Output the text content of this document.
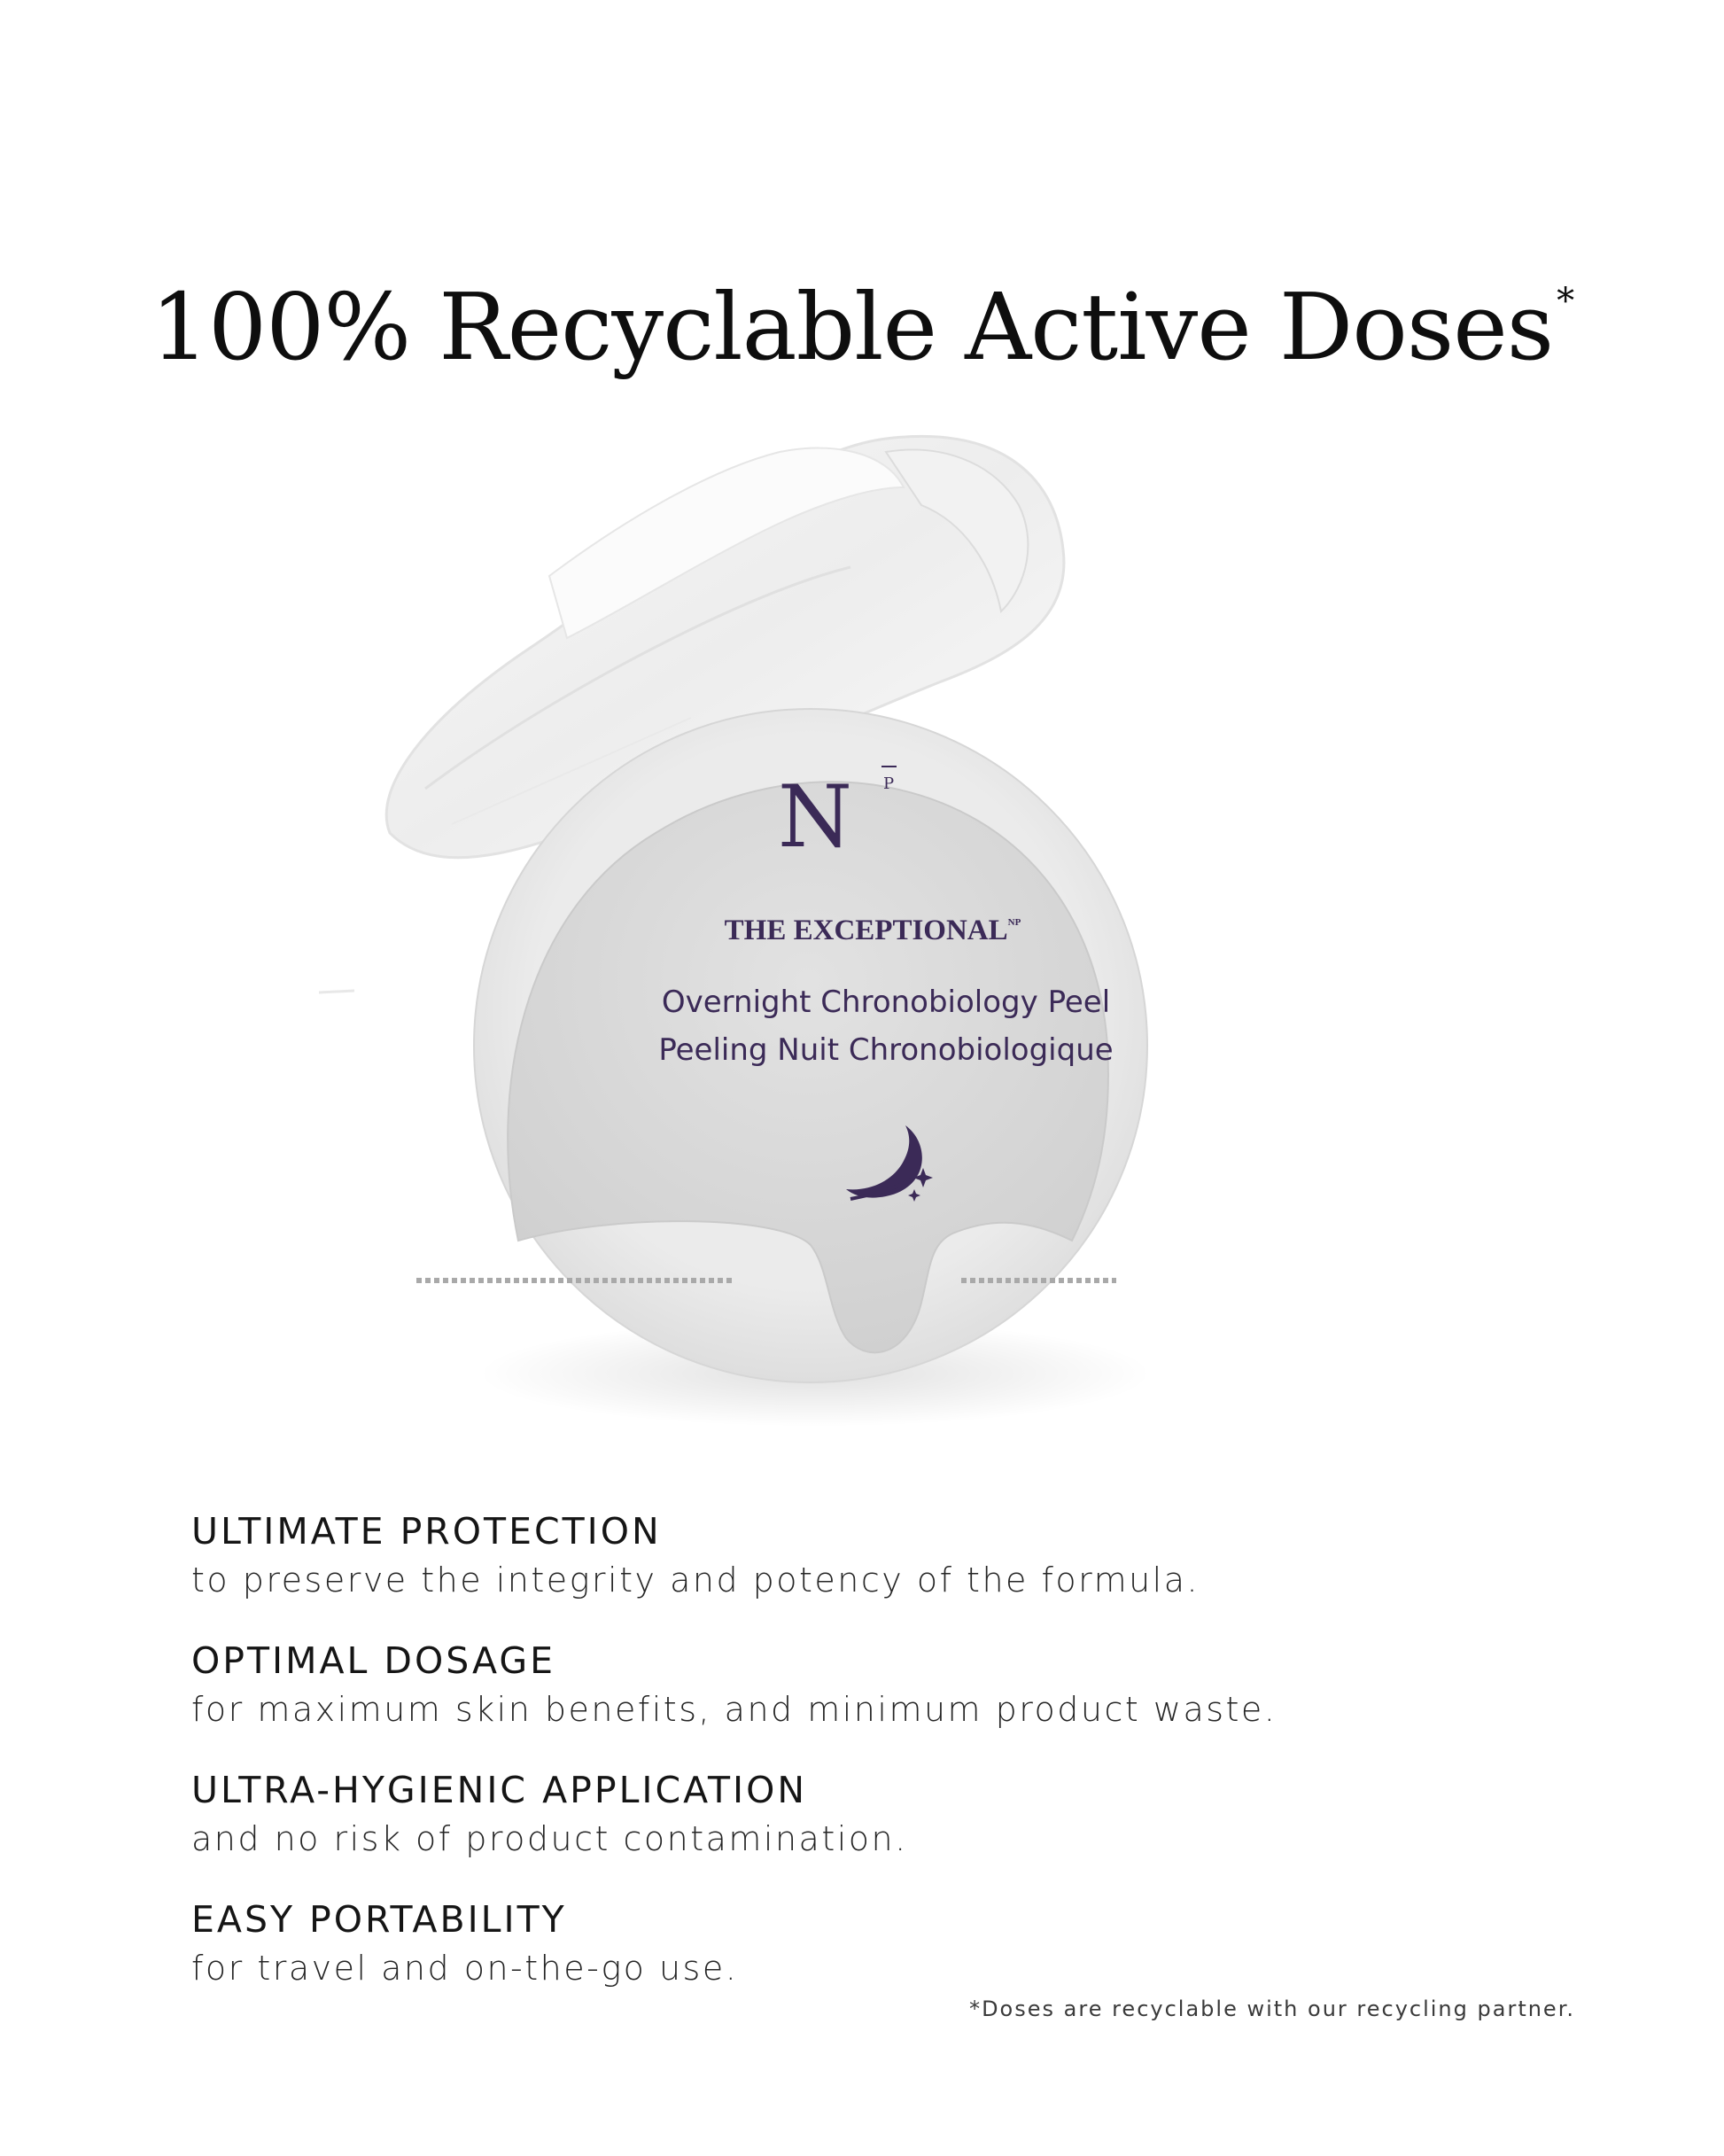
100% Recyclable Active Doses *
N P
THE $EXCEPTIONAL^{NP}$
Overnight Chronobiology Peel
Peeling Nuit Chronobiologique
ULTIMATE PROTECTION
to preserve the integrity and potency of the formula.
OPTIMAL DOSAGE
for maximum skin benefits, and minimum product waste.
ULTRA-HYGIENIC APPLICATION
and no risk of product contamination.
EASY PORTABILITY
for travel and on-the-go use.
*Doses are recyclable with our recycling partner.
